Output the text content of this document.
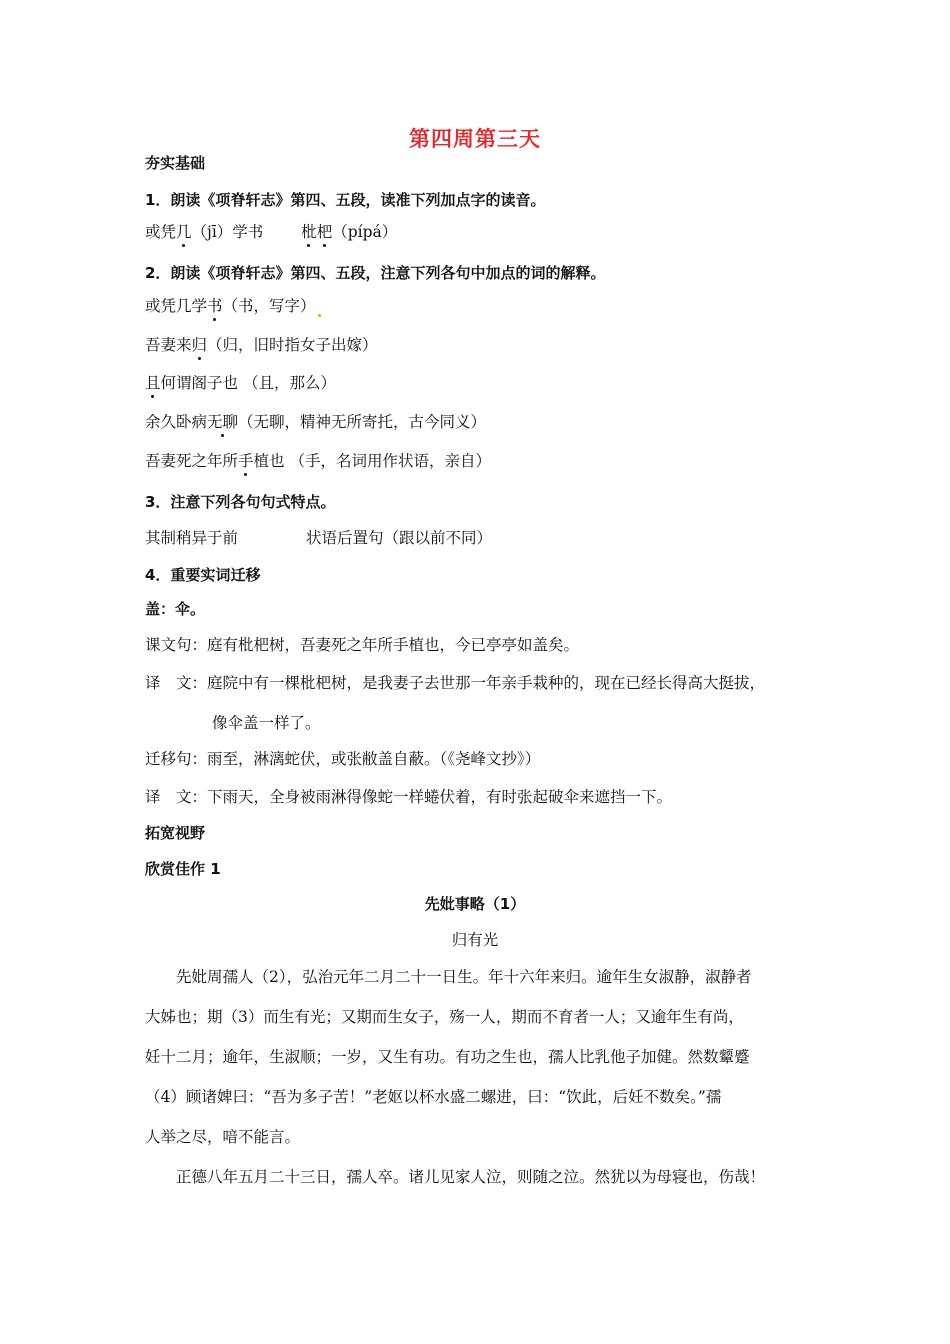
第四周第三天
夯实基础
1．朗读《项脊轩志》第四、五段，读准下列加点字的读音。
或凭几（jī）学书 枇杷（pípá）
2．朗读《项脊轩志》第四、五段，注意下列各句中加点的词的解释。
或凭几学书（书，写字）
吾妻来归（归，旧时指女子出嫁）
且何谓阁子也 （且，那么）
余久卧病无聊（无聊，精神无所寄托，古今同义）
吾妻死之年所手植也 （手，名词用作状语，亲自）
3．注意下列各句句式特点。
其制稍异于前	状语后置句（跟以前不同）
4．重要实词迁移
盖：伞。
课文句：庭有枇杷树，吾妻死之年所手植也，今已亭亭如盖矣。
译　文：庭院中有一棵枇杷树，是我妻子去世那一年亲手栽种的，现在已经长得高大挺拔，
像伞盖一样了。
迁移句：雨至，淋漓蛇伏，或张敝盖自蔽。（《尧峰文抄》）
译　文：下雨天，全身被雨淋得像蛇一样蜷伏着，有时张起破伞来遮挡一下。
拓宽视野
欣赏佳作 1
先妣事略（1）
归有光
先妣周孺人（2），弘治元年二月二十一日生。年十六年来归。逾年生女淑静，淑静者
大姊也；期（3）而生有光；又期而生女子，殇一人，期而不育者一人；又逾年生有尚，
妊十二月；逾年，生淑顺；一岁，又生有功。有功之生也，孺人比乳他子加健。然数颦蹙
（4）顾诸婢曰：“吾为多子苦！”老妪以杯水盛二螺进，曰：“饮此，后妊不数矣。”孺
人举之尽，喑不能言。
正德八年五月二十三日，孺人卒。诸儿见家人泣，则随之泣。然犹以为母寝也，伤哉！
